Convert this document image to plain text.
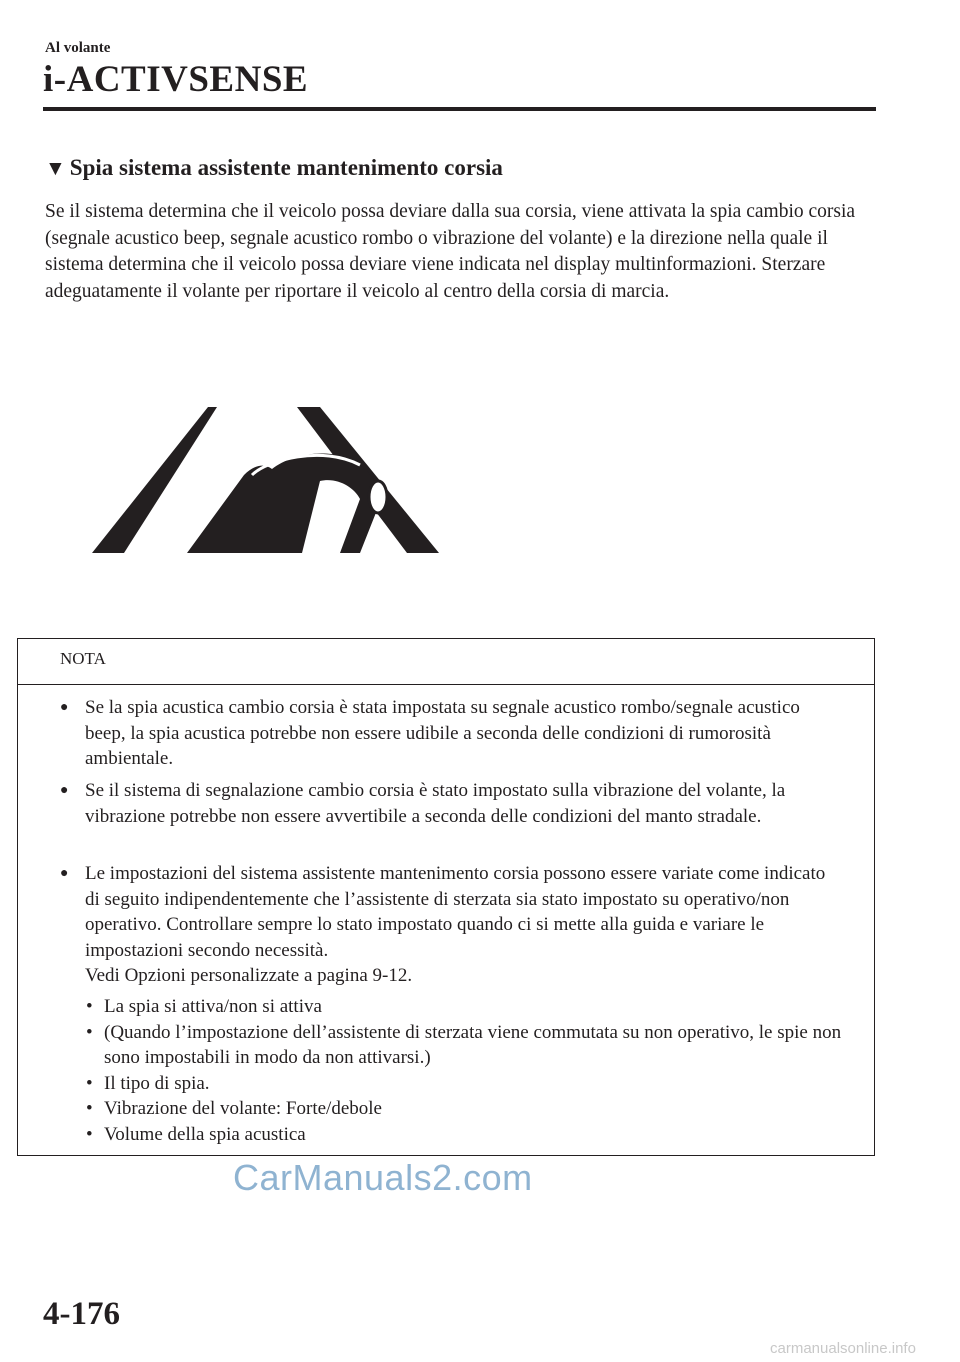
Al volante
i-ACTIVSENSE
▼ Spia sistema assistente mantenimento corsia
Se il sistema determina che il veicolo possa deviare dalla sua corsia, viene attivata la spia cambio corsia (segnale acustico beep, segnale acustico rombo o vibrazione del volante) e la direzione nella quale il sistema determina che il veicolo possa deviare viene indicata nel display multinformazioni. Sterzare adeguatamente il volante per riportare il veicolo al centro della corsia di marcia.
NOTA
● Se la spia acustica cambio corsia è stata impostata su segnale acustico rombo/segnale acustico beep, la spia acustica potrebbe non essere udibile a seconda delle condizioni di rumorosità ambientale.
● Se il sistema di segnalazione cambio corsia è stato impostato sulla vibrazione del volante, la vibrazione potrebbe non essere avvertibile a seconda delle condizioni del manto stradale.
● Le impostazioni del sistema assistente mantenimento corsia possono essere variate come indicato di seguito indipendentemente che l’assistente di sterzata sia stato impostato su operativo/non operativo. Controllare sempre lo stato impostato quando ci si mette alla guida e variare le impostazioni secondo necessità.
Vedi Opzioni personalizzate a pagina 9-12.
• La spia si attiva/non si attiva
• (Quando l’impostazione dell’assistente di sterzata viene commutata su non operativo, le spie non sono impostabili in modo da non attivarsi.)
• Il tipo di spia.
• Vibrazione del volante: Forte/debole
• Volume della spia acustica
CarManuals2.com
4-176
carmanualsonline.info
